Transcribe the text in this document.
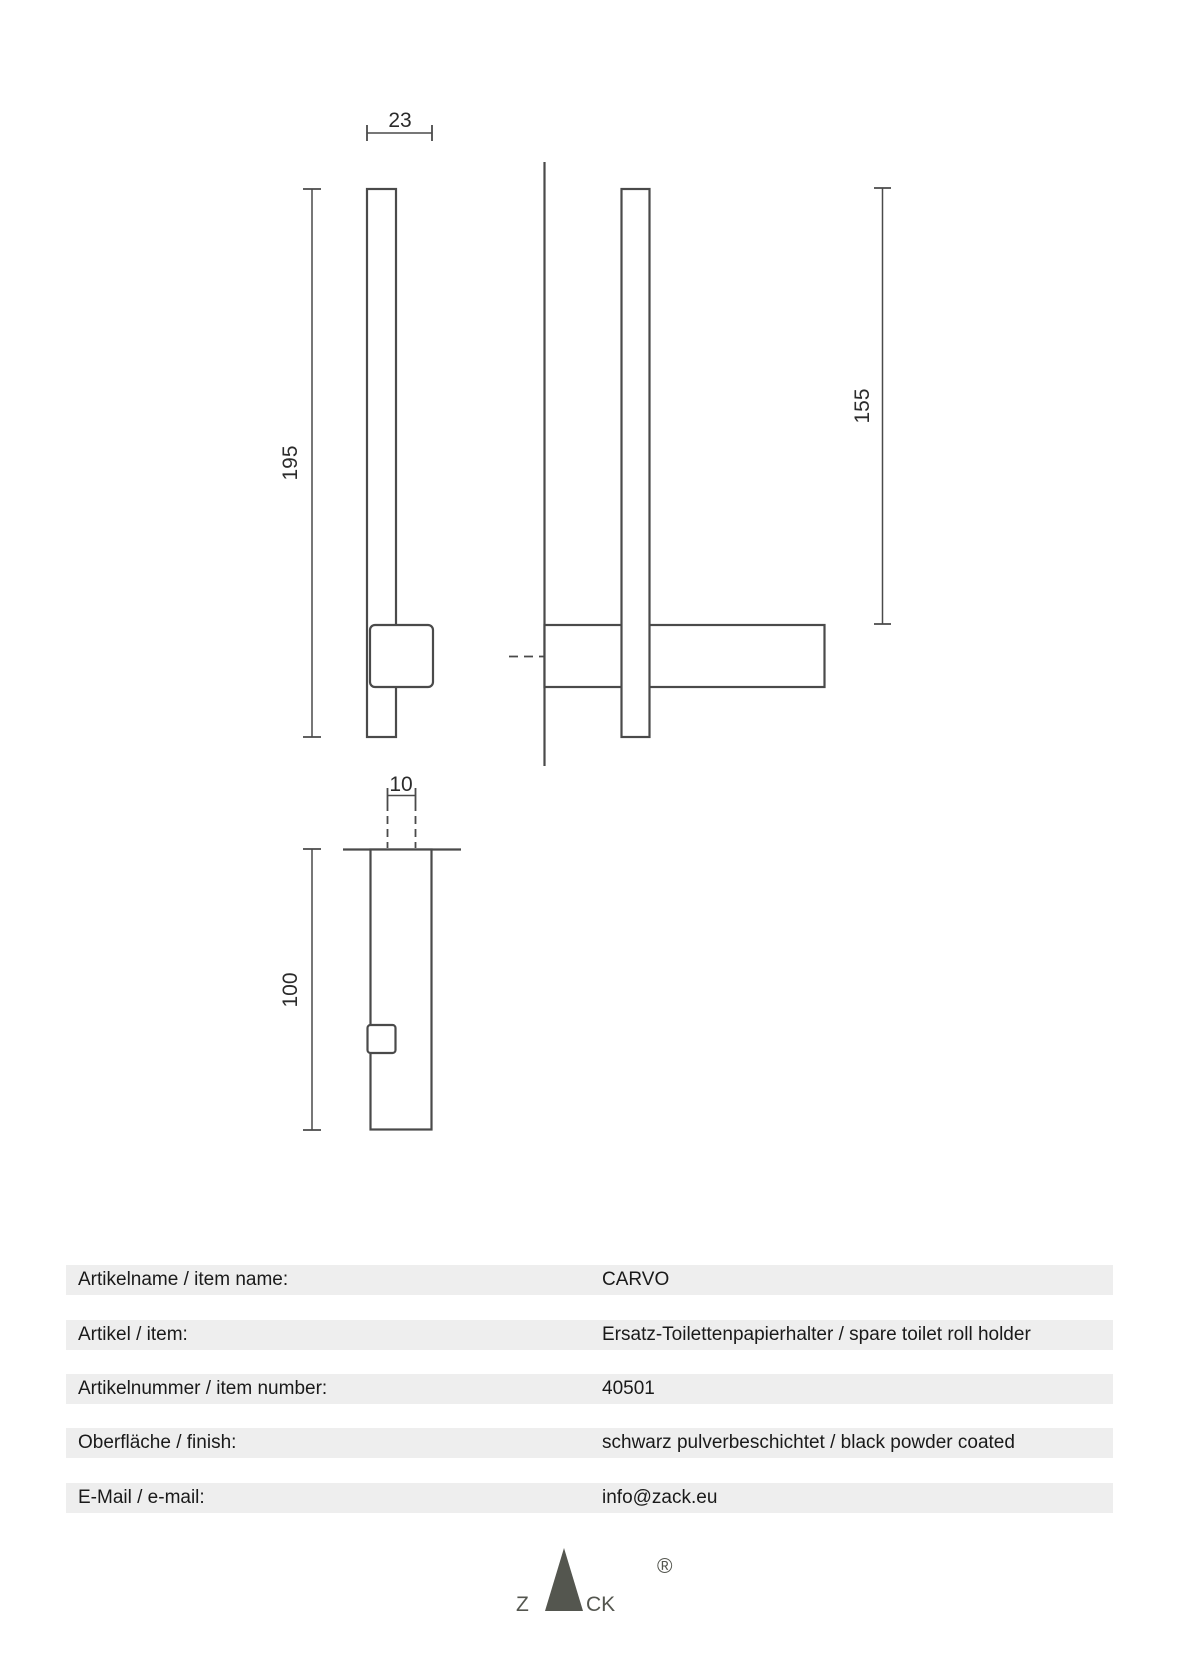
23
195
155
10
100
Artikelname / item name:	CARVO
Artikel / item:	Ersatz-Toilettenpapierhalter / spare toilet roll holder
Artikelnummer / item number:	40501
Oberfläche / finish:	schwarz pulverbeschichtet / black powder coated
E-Mail / e-mail:	info@zack.eu
Z	CK
®
